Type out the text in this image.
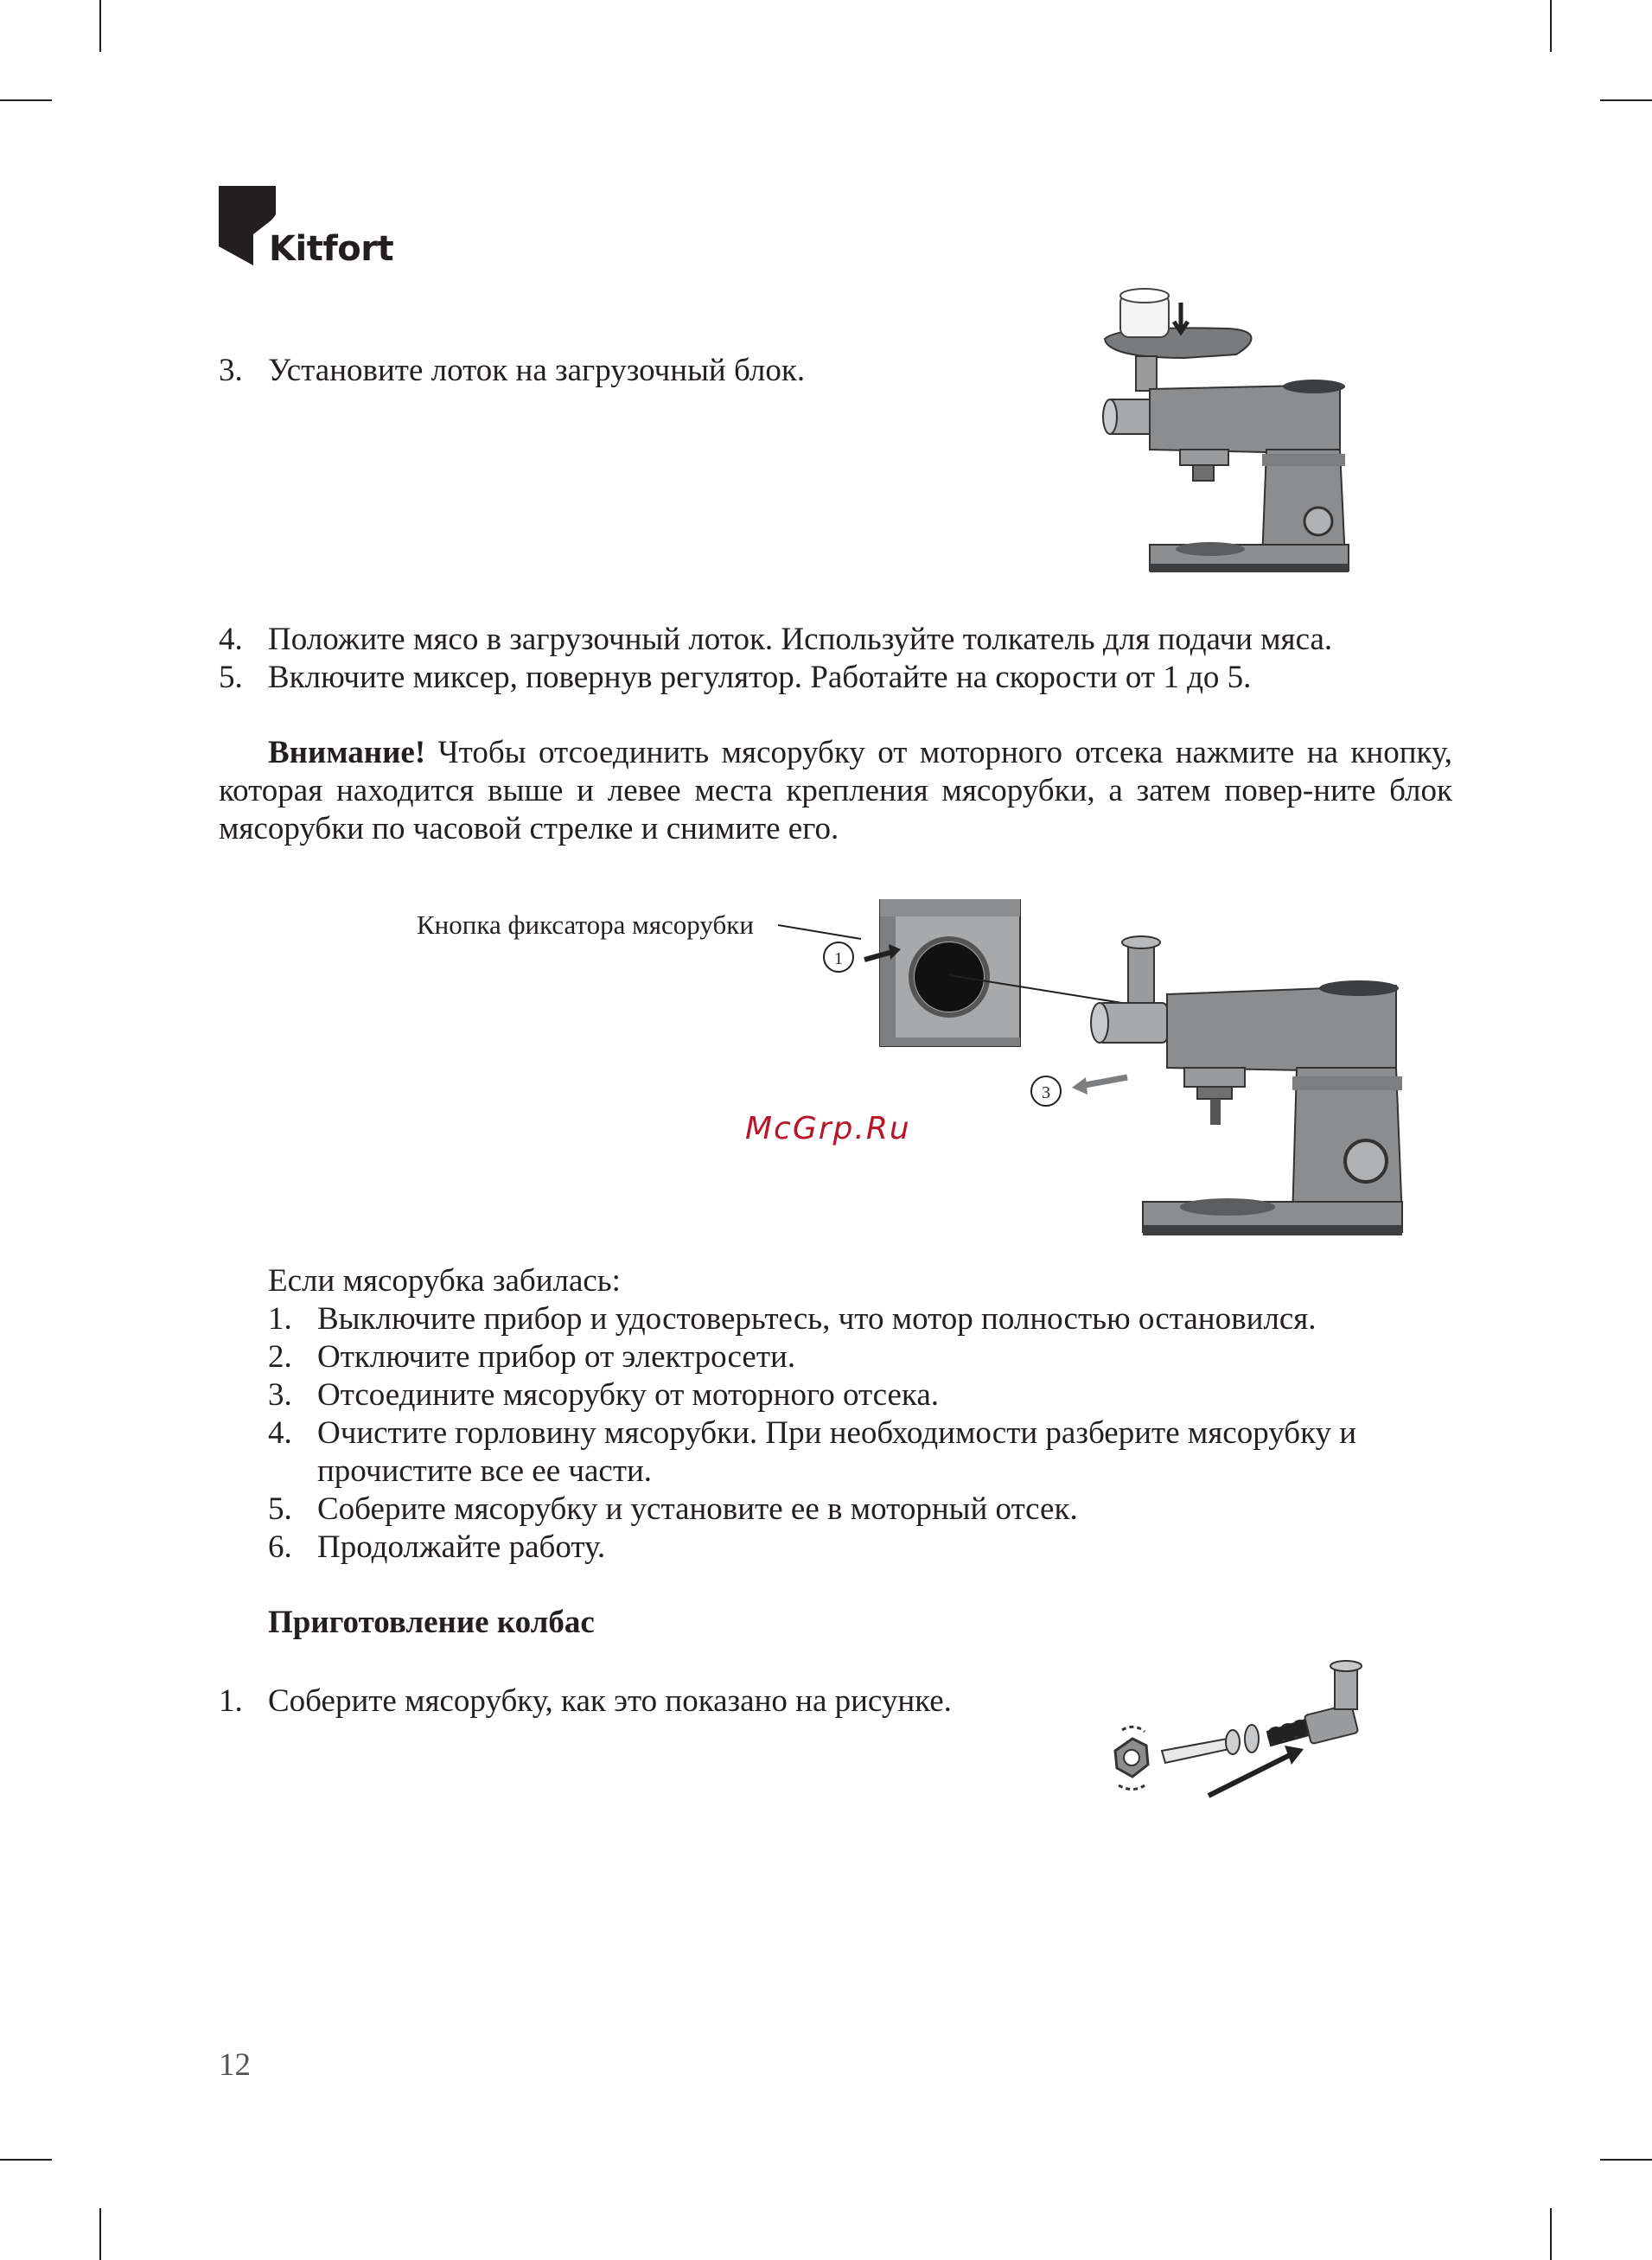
Kitfort
3. Установите лоток на загрузочный блок.
4. Положите мясо в загрузочный лоток. Используйте толкатель для подачи мяса.
5. Включите миксер, повернув регулятор. Работайте на скорости от 1 до 5.
Внимание! Чтобы отсоединить мясорубку от моторного отсека нажмите на кнопку, которая находится выше и левее места крепления мясорубки, а затем повер-ните блок мясорубки по часовой стрелке и снимите его.
Кнопка фиксатора мясорубки
1
3
McGrp.Ru
Если мясорубка забилась:
1. Выключите прибор и удостоверьтесь, что мотор полностью остановился.
2. Отключите прибор от электросети.
3. Отсоедините мясорубку от моторного отсека.
4. Очистите горловину мясорубки. При необходимости разберите мясорубку и
прочистите все ее части.
5. Соберите мясорубку и установите ее в моторный отсек.
6. Продолжайте работу.
Приготовление колбас
1. Соберите мясорубку, как это показано на рисунке.
12
